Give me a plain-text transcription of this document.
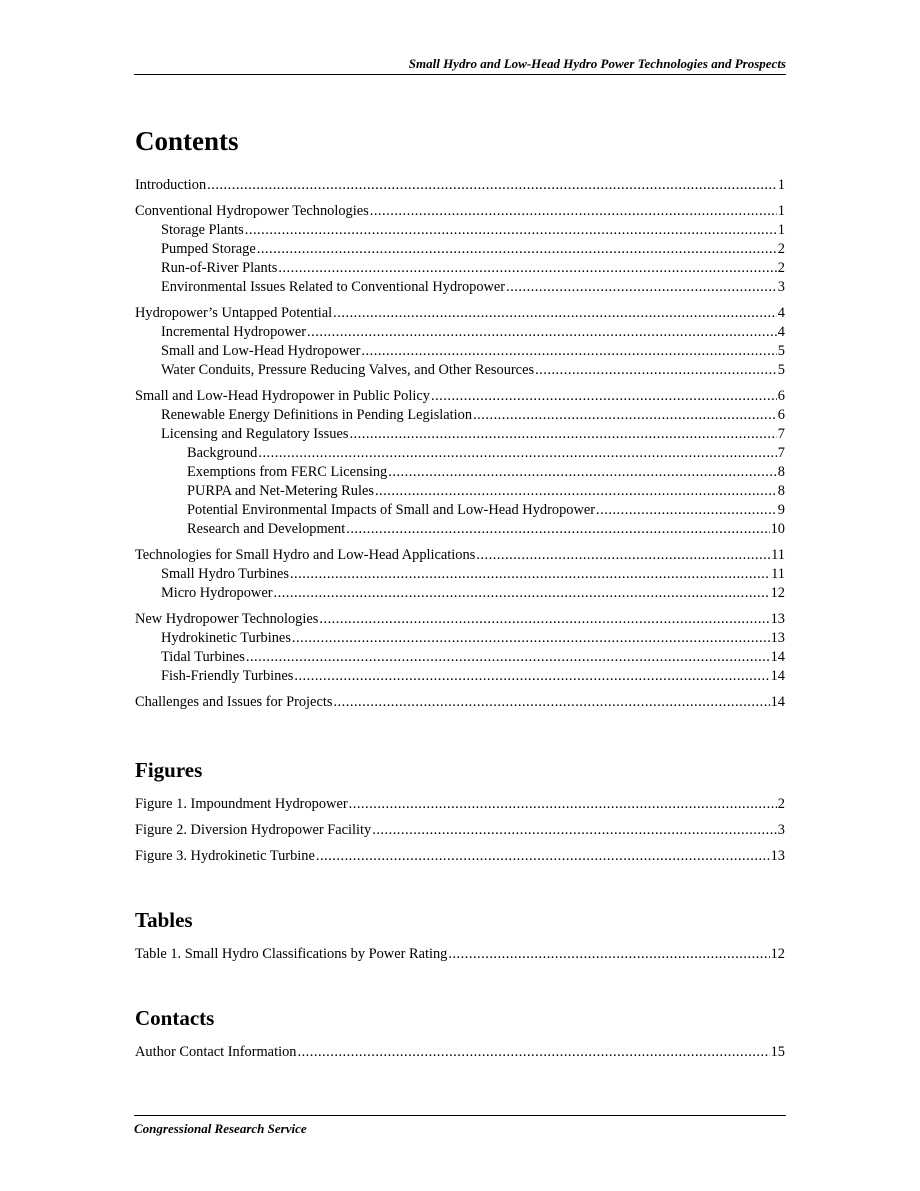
Small Hydro and Low-Head Hydro Power Technologies and Prospects
Contents
Introduction .....	1
Conventional Hydropower Technologies .....	1
Storage Plants .....	1
Pumped Storage .....	2
Run-of-River Plants .....	2
Environmental Issues Related to Conventional Hydropower .....	3
Hydropower’s Untapped Potential .....	4
Incremental Hydropower .....	4
Small and Low-Head Hydropower .....	5
Water Conduits, Pressure Reducing Valves, and Other Resources .....	5
Small and Low-Head Hydropower in Public Policy .....	6
Renewable Energy Definitions in Pending Legislation .....	6
Licensing and Regulatory Issues .....	7
Background .....	7
Exemptions from FERC Licensing .....	8
PURPA and Net-Metering Rules .....	8
Potential Environmental Impacts of Small and Low-Head Hydropower .....	9
Research and Development .....	10
Technologies for Small Hydro and Low-Head Applications .....	11
Small Hydro Turbines .....	11
Micro Hydropower .....	12
New Hydropower Technologies .....	13
Hydrokinetic Turbines .....	13
Tidal Turbines .....	14
Fish-Friendly Turbines .....	14
Challenges and Issues for Projects .....	14
Figures
Figure 1. Impoundment Hydropower .....	2
Figure 2. Diversion Hydropower Facility .....	3
Figure 3. Hydrokinetic Turbine .....	13
Tables
Table 1. Small Hydro Classifications by Power Rating .....	12
Contacts
Author Contact Information .....	15
Congressional Research Service
